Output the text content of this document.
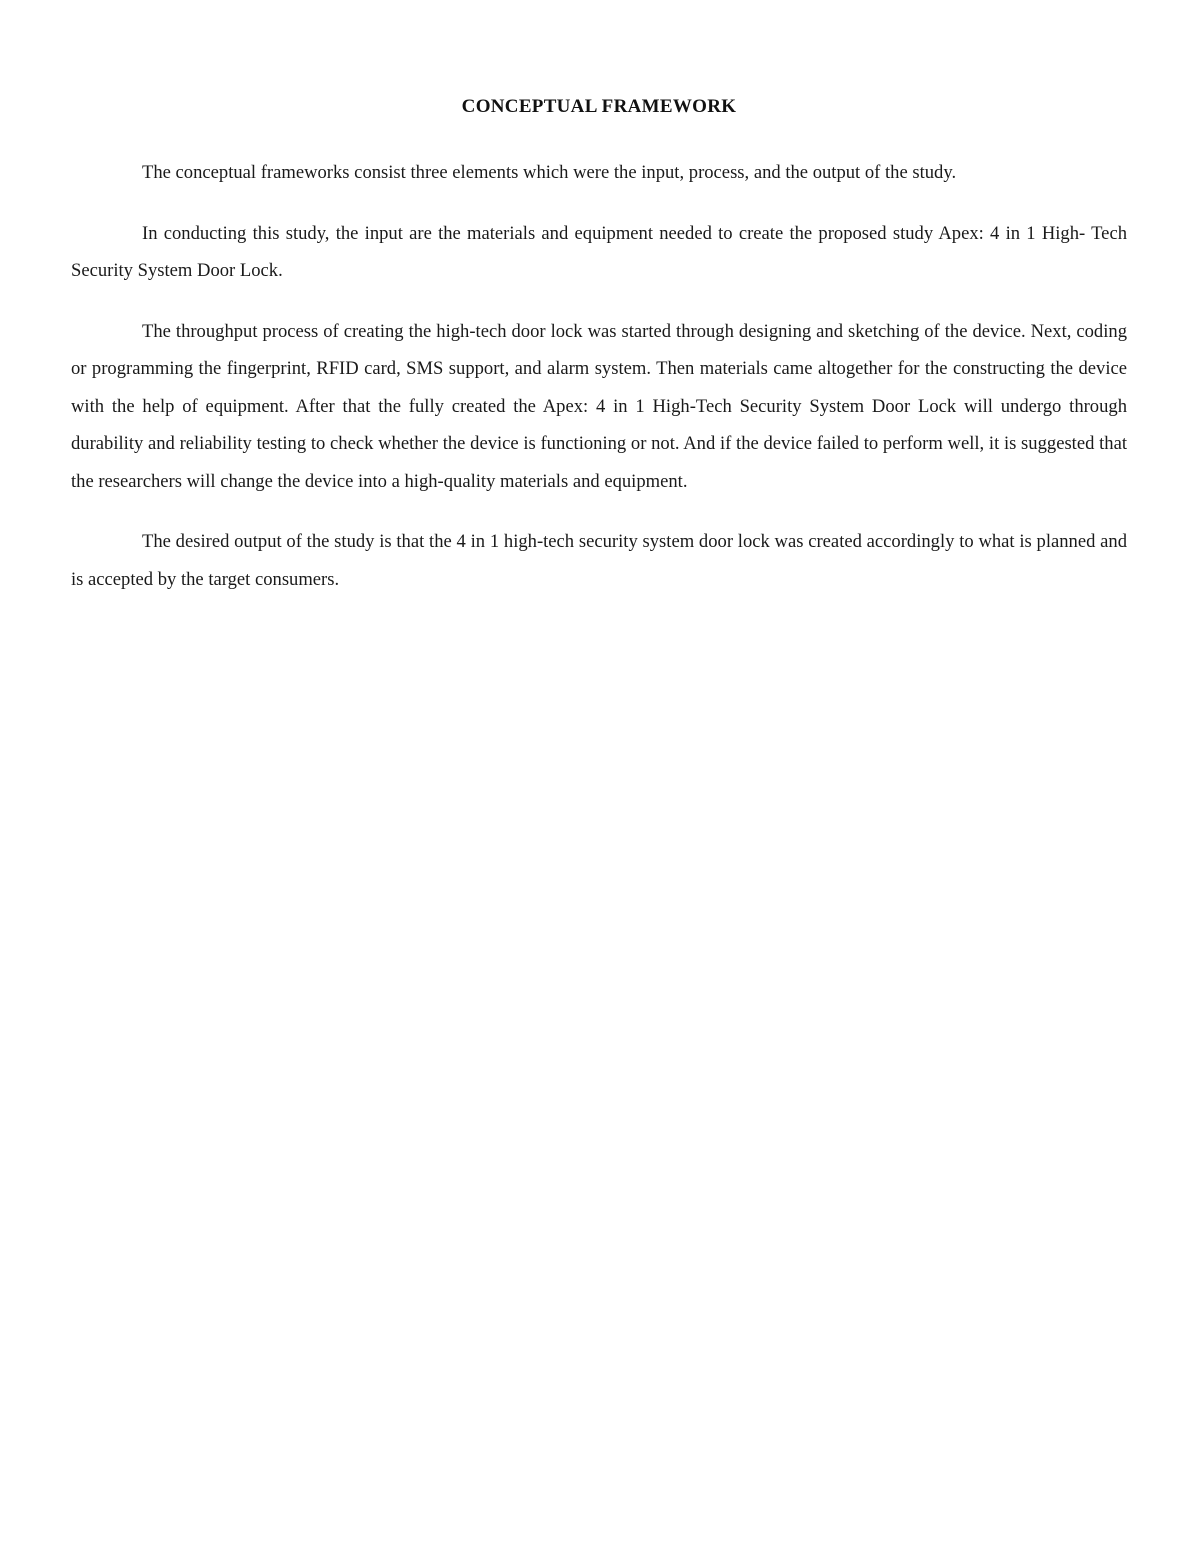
CONCEPTUAL FRAMEWORK

The conceptual frameworks consist three elements which were the input, process, and the output of the study.

In conducting this study, the input are the materials and equipment needed to create the proposed study Apex: 4 in 1 High- Tech Security System Door Lock.

The throughput process of creating the high-tech door lock was started through designing and sketching of the device. Next, coding or programming the fingerprint, RFID card, SMS support, and alarm system. Then materials came altogether for the constructing the device with the help of equipment. After that the fully created the Apex: 4 in 1 High-Tech Security System Door Lock will undergo through durability and reliability testing to check whether the device is functioning or not. And if the device failed to perform well, it is suggested that the researchers will change the device into a high-quality materials and equipment.

The desired output of the study is that the 4 in 1 high-tech security system door lock was created accordingly to what is planned and is accepted by the target consumers.
